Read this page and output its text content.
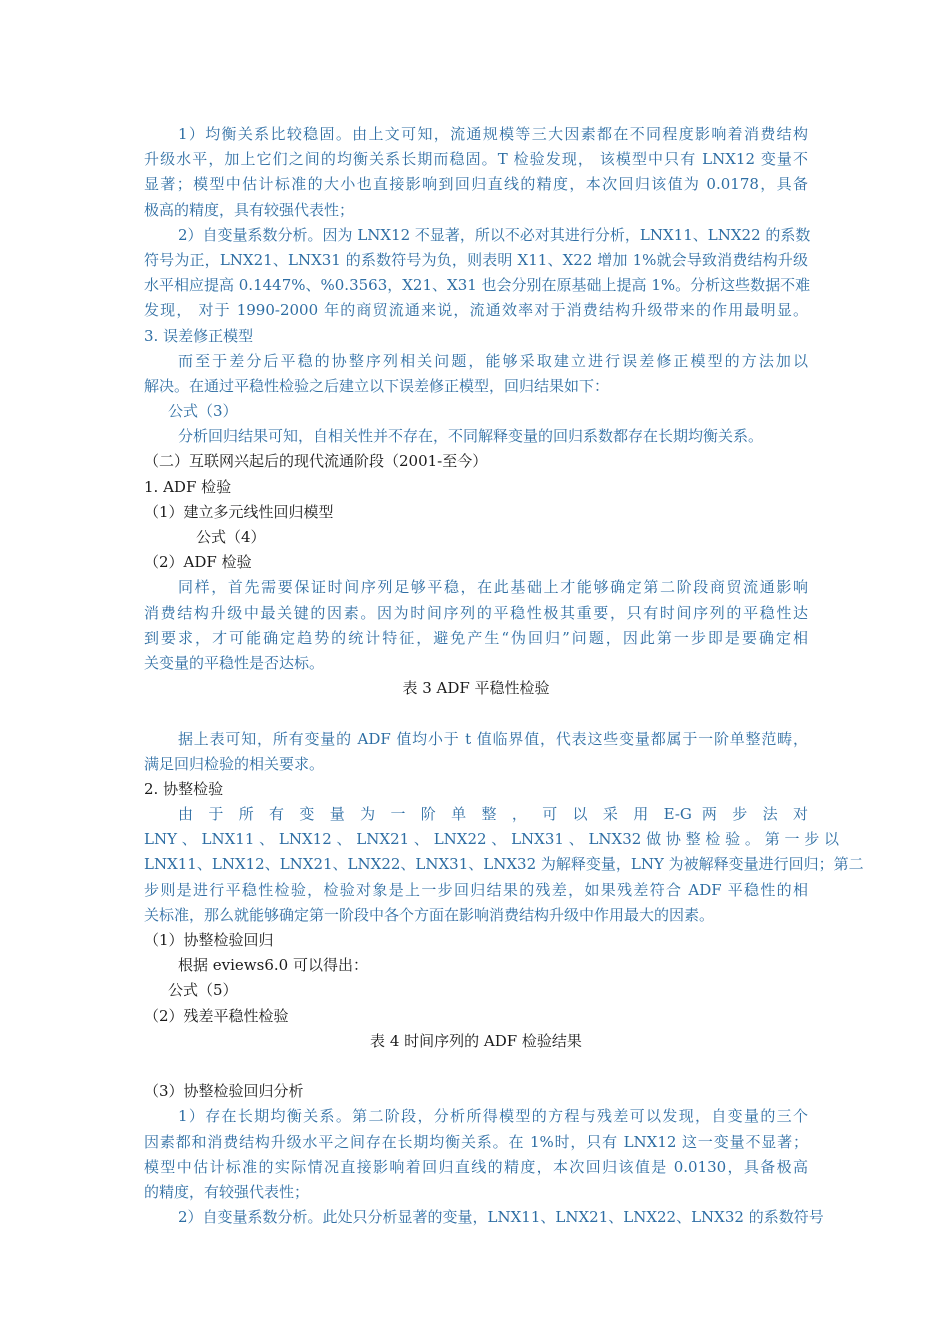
1）均衡关系比较稳固。由上文可知，流通规模等三大因素都在不同程度影响着消费结构
升级水平，加上它们之间的均衡关系长期而稳固。T 检验发现， 该模型中只有 LNX12 变量不
显著；模型中估计标准的大小也直接影响到回归直线的精度，本次回归该值为 0.0178，具备
极高的精度，具有较强代表性；
2）自变量系数分析。因为 LNX12 不显著，所以不必对其进行分析，LNX11、LNX22 的系数
符号为正，LNX21、LNX31 的系数符号为负，则表明 X11、X22 增加 1%就会导致消费结构升级
水平相应提高 0.1447%、%0.3563，X21、X31 也会分别在原基础上提高 1%。分析这些数据不难
发现， 对于 1990-2000 年的商贸流通来说，流通效率对于消费结构升级带来的作用最明显。
3. 误差修正模型
而至于差分后平稳的协整序列相关问题，能够采取建立进行误差修正模型的方法加以
解决。在通过平稳性检验之后建立以下误差修正模型，回归结果如下：
公式（3）
分析回归结果可知，自相关性并不存在，不同解释变量的回归系数都存在长期均衡关系。
（二）互联网兴起后的现代流通阶段（2001-至今）
1. ADF 检验
（1）建立多元线性回归模型
公式（4）
（2）ADF 检验
同样，首先需要保证时间序列足够平稳，在此基础上才能够确定第二阶段商贸流通影响
消费结构升级中最关键的因素。因为时间序列的平稳性极其重要，只有时间序列的平稳性达
到要求，才可能确定趋势的统计特征，避免产生“伪回归”问题，因此第一步即是要确定相
关变量的平稳性是否达标。
表 3 ADF 平稳性检验
据上表可知，所有变量的 ADF 值均小于 t 值临界值，代表这些变量都属于一阶单整范畴，
满足回归检验的相关要求。
2. 协整检验
由 于 所 有 变 量 为 一 阶 单 整 ， 可 以 采 用 E-G 两 步 法 对
LNY 、 LNX11 、 LNX12 、 LNX21 、 LNX22 、 LNX31 、 LNX32 做 协 整 检 验 。 第 一 步 以
LNX11、LNX12、LNX21、LNX22、LNX31、LNX32 为解释变量，LNY 为被解释变量进行回归；第二
步则是进行平稳性检验，检验对象是上一步回归结果的残差，如果残差符合 ADF 平稳性的相
关标准，那么就能够确定第一阶段中各个方面在影响消费结构升级中作用最大的因素。
（1）协整检验回归
根据 eviews6.0 可以得出：
公式（5）
（2）残差平稳性检验
表 4 时间序列的 ADF 检验结果
（3）协整检验回归分析
1）存在长期均衡关系。第二阶段，分析所得模型的方程与残差可以发现，自变量的三个
因素都和消费结构升级水平之间存在长期均衡关系。在 1%时，只有 LNX12 这一变量不显著；
模型中估计标准的实际情况直接影响着回归直线的精度，本次回归该值是 0.0130，具备极高
的精度，有较强代表性；
2）自变量系数分析。此处只分析显著的变量，LNX11、LNX21、LNX22、LNX32 的系数符号
